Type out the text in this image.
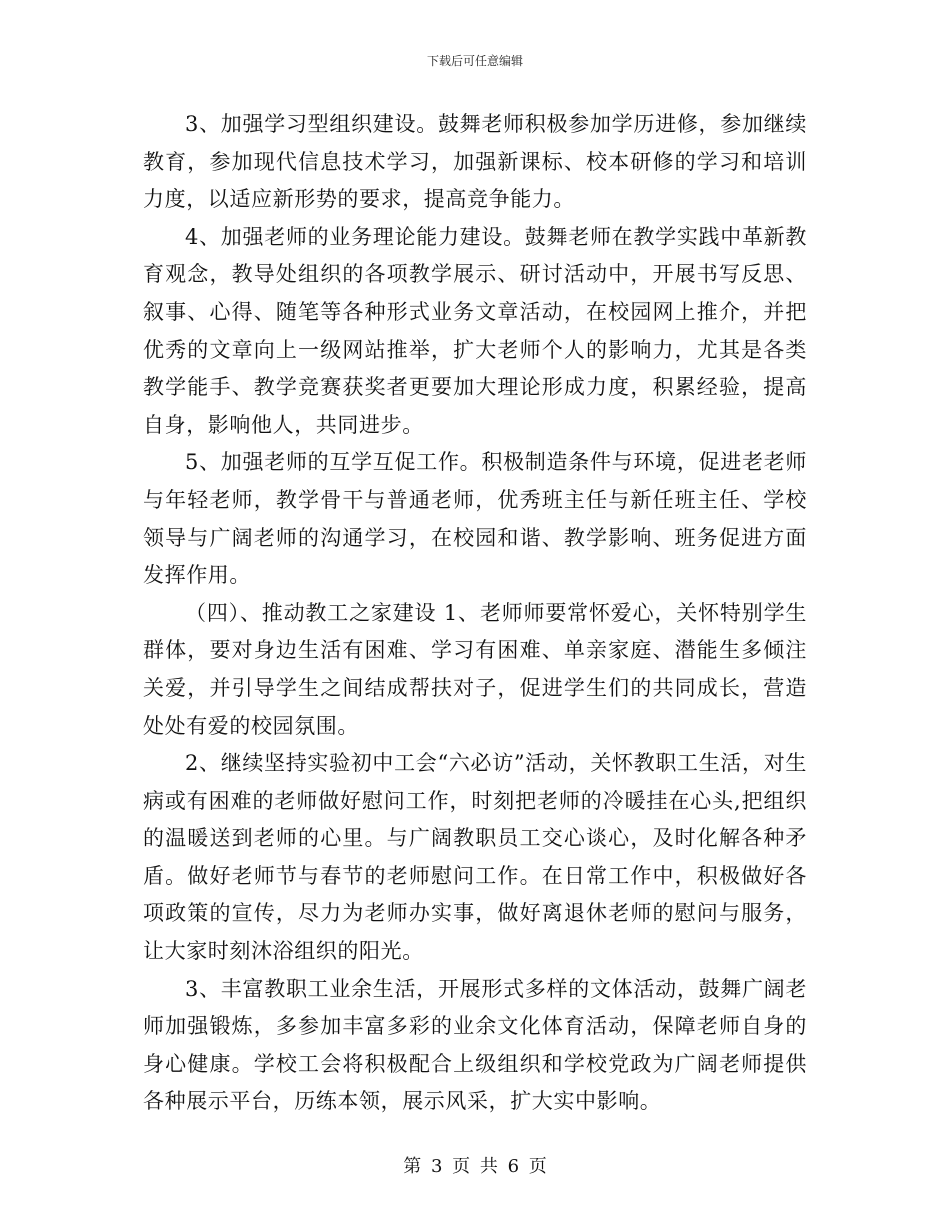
下载后可任意编辑

3、加强学习型组织建设。鼓舞老师积极参加学历进修，参加继续教育，参加现代信息技术学习，加强新课标、校本研修的学习和培训力度，以适应新形势的要求，提高竞争能力。

4、加强老师的业务理论能力建设。鼓舞老师在教学实践中革新教育观念，教导处组织的各项教学展示、研讨活动中，开展书写反思、叙事、心得、随笔等各种形式业务文章活动，在校园网上推介，并把优秀的文章向上一级网站推举，扩大老师个人的影响力，尤其是各类教学能手、教学竞赛获奖者更要加大理论形成力度，积累经验，提高自身，影响他人，共同进步。

5、加强老师的互学互促工作。积极制造条件与环境，促进老老师与年轻老师，教学骨干与普通老师，优秀班主任与新任班主任、学校领导与广阔老师的沟通学习，在校园和谐、教学影响、班务促进方面发挥作用。

（四）、推动教工之家建设 1、老师师要常怀爱心，关怀特别学生群体，要对身边生活有困难、学习有困难、单亲家庭、潜能生多倾注关爱，并引导学生之间结成帮扶对子，促进学生们的共同成长，营造处处有爱的校园氛围。

2、继续坚持实验初中工会“六必访”活动，关怀教职工生活，对生病或有困难的老师做好慰问工作，时刻把老师的冷暖挂在心头,把组织的温暖送到老师的心里。与广阔教职员工交心谈心，及时化解各种矛盾。做好老师节与春节的老师慰问工作。在日常工作中，积极做好各项政策的宣传，尽力为老师办实事，做好离退休老师的慰问与服务，让大家时刻沐浴组织的阳光。

3、丰富教职工业余生活，开展形式多样的文体活动，鼓舞广阔老师加强锻炼，多参加丰富多彩的业余文化体育活动，保障老师自身的身心健康。学校工会将积极配合上级组织和学校党政为广阔老师提供各种展示平台，历练本领，展示风采，扩大实中影响。

第 3 页 共 6 页
